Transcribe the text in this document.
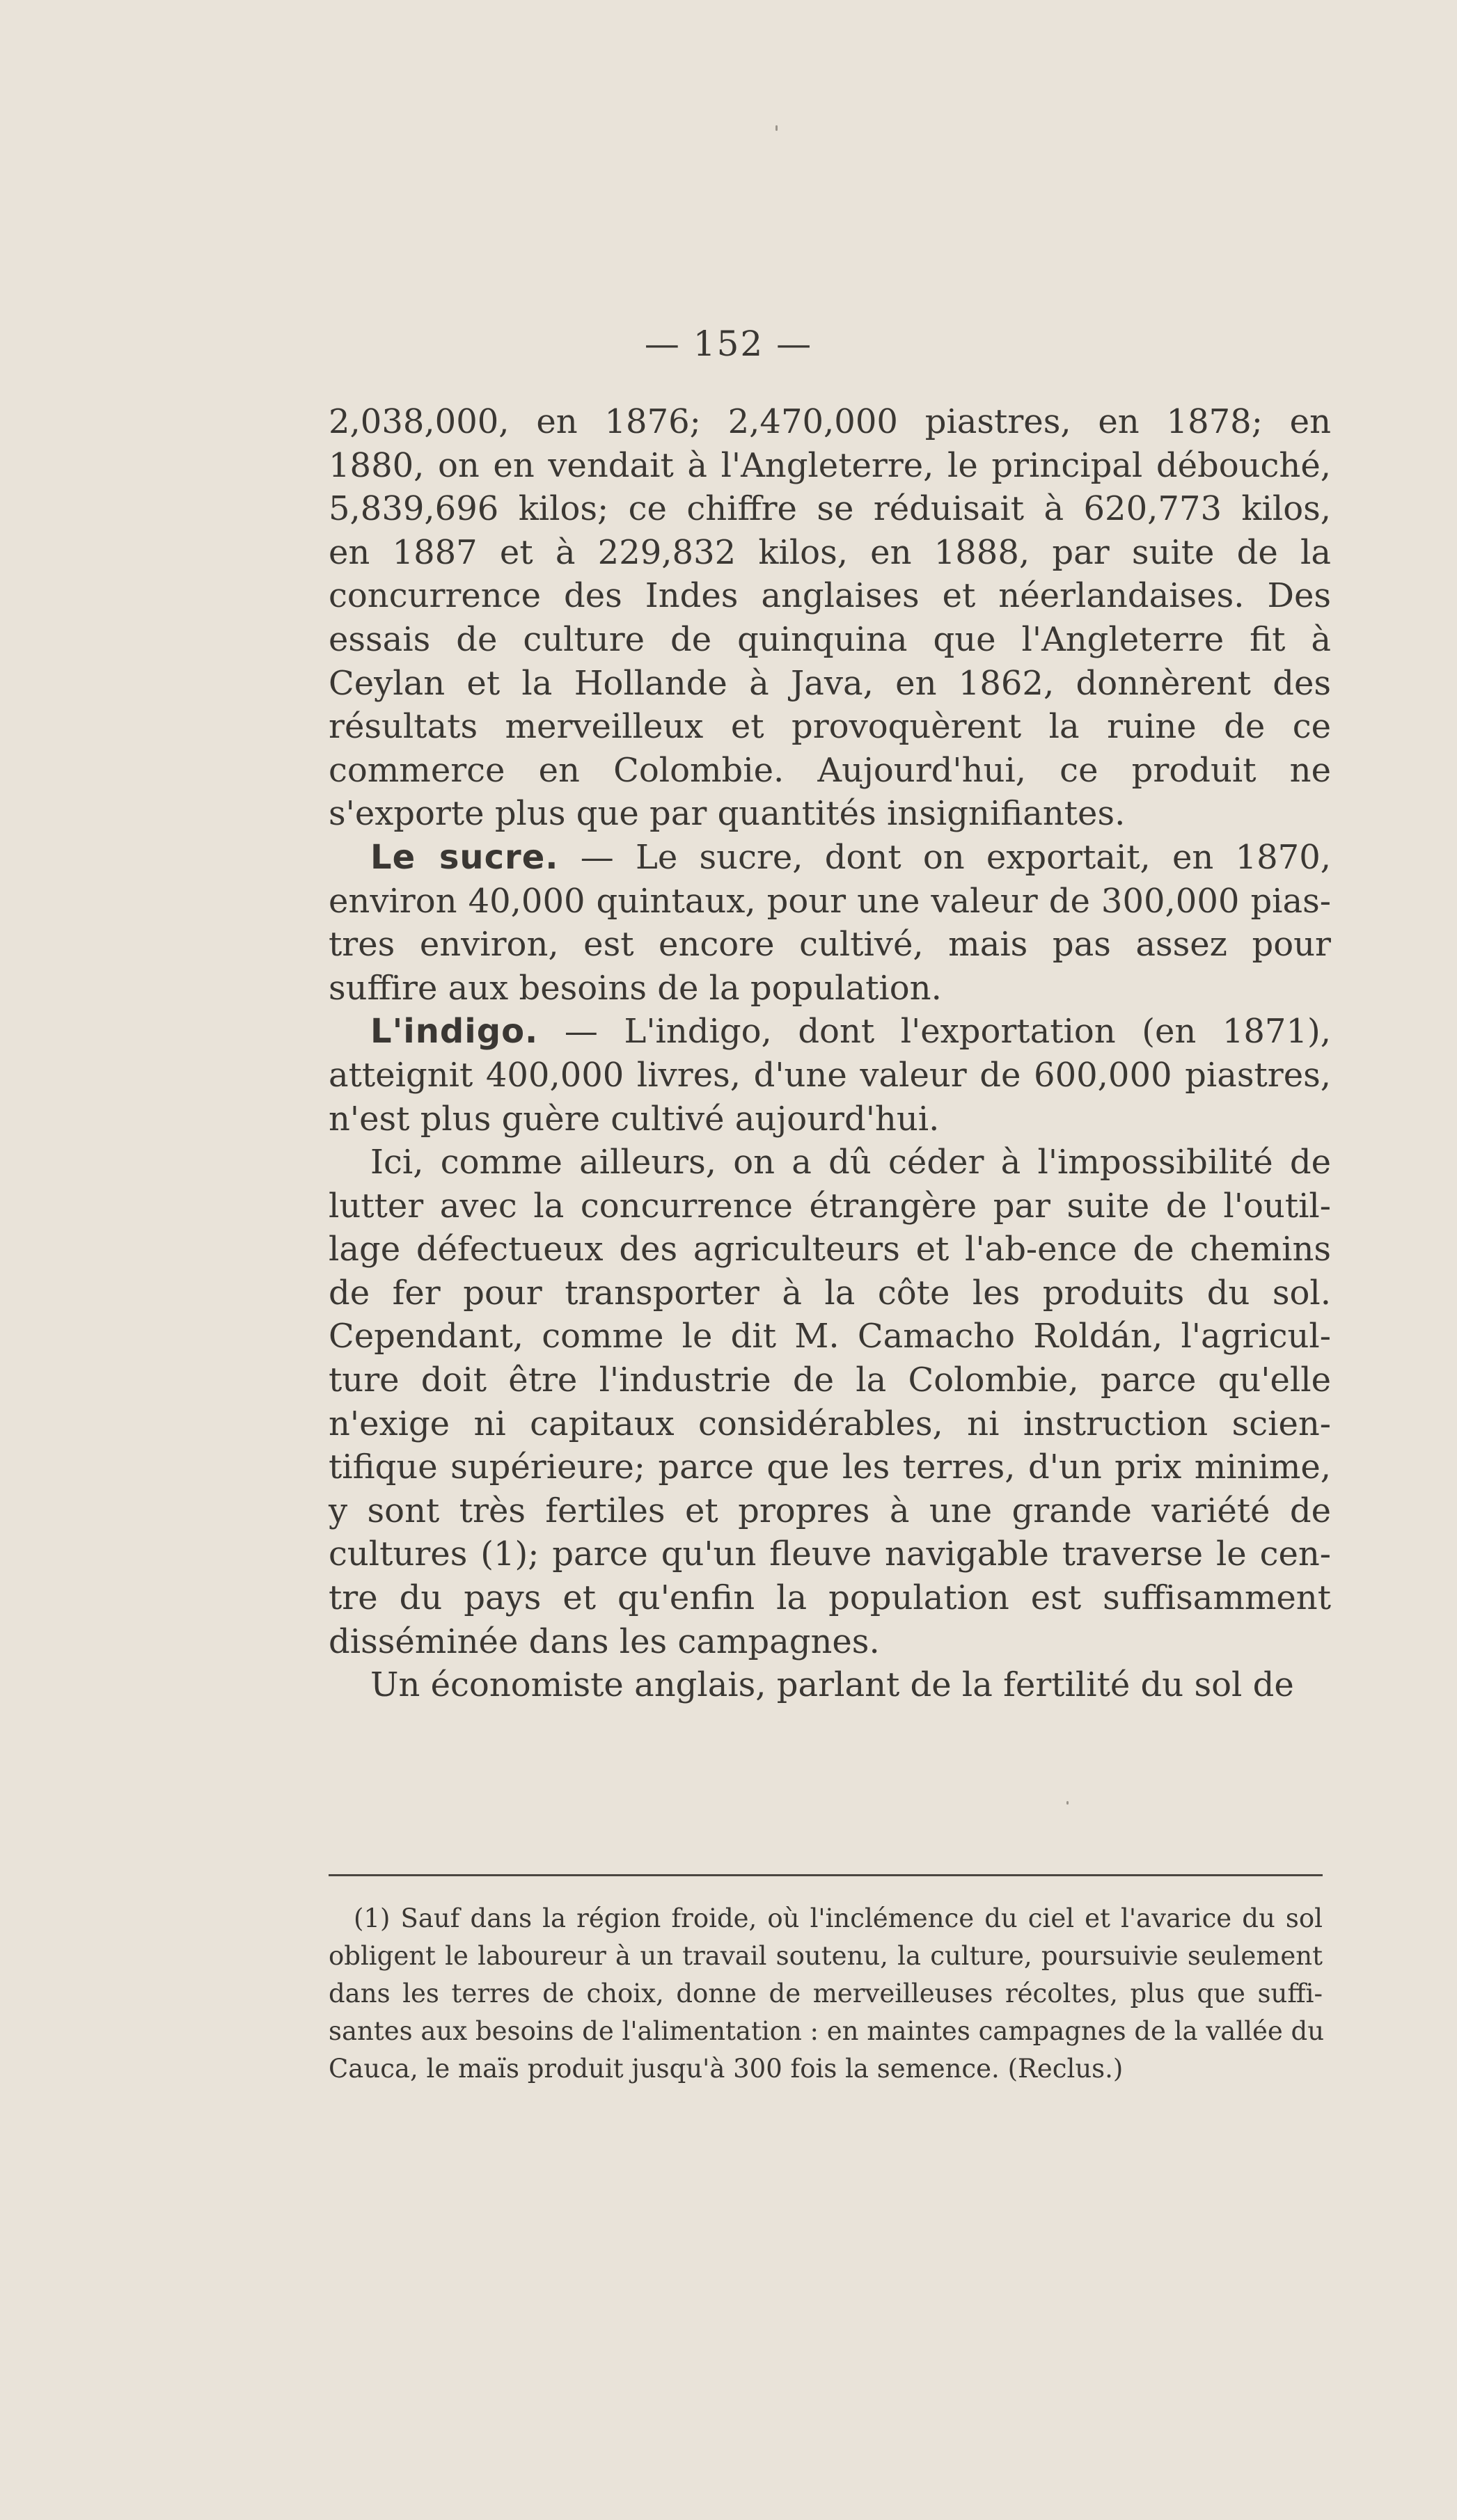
— 152 —
2,038,000, en 1876; 2,470,000 piastres, en 1878; en
1880, on en vendait à l'Angleterre, le principal débouché,
5,839,696 kilos; ce chiffre se réduisait à 620,773 kilos,
en 1887 et à 229,832 kilos, en 1888, par suite de la
concurrence des Indes anglaises et néerlandaises. Des
essais de culture de quinquina que l'Angleterre fit à
Ceylan et la Hollande à Java, en 1862, donnèrent des
résultats merveilleux et provoquèrent la ruine de ce
commerce en Colombie. Aujourd'hui, ce produit ne
s'exporte plus que par quantités insignifiantes.
Le sucre. — Le sucre, dont on exportait, en 1870,
environ 40,000 quintaux, pour une valeur de 300,000 pias-
tres environ, est encore cultivé, mais pas assez pour
suffire aux besoins de la population.
L'indigo. — L'indigo, dont l'exportation (en 1871),
atteignit 400,000 livres, d'une valeur de 600,000 piastres,
n'est plus guère cultivé aujourd'hui.
Ici, comme ailleurs, on a dû céder à l'impossibilité de
lutter avec la concurrence étrangère par suite de l'outil-
lage défectueux des agriculteurs et l'ab-ence de chemins
de fer pour transporter à la côte les produits du sol.
Cependant, comme le dit M. Camacho Roldán, l'agricul-
ture doit être l'industrie de la Colombie, parce qu'elle
n'exige ni capitaux considérables, ni instruction scien-
tifique supérieure; parce que les terres, d'un prix minime,
y sont très fertiles et propres à une grande variété de
cultures (1); parce qu'un fleuve navigable traverse le cen-
tre du pays et qu'enfin la population est suffisamment
disséminée dans les campagnes.
Un économiste anglais, parlant de la fertilité du sol de
(1) Sauf dans la région froide, où l'inclémence du ciel et l'avarice du sol
obligent le laboureur à un travail soutenu, la culture, poursuivie seulement
dans les terres de choix, donne de merveilleuses récoltes, plus que suffi-
santes aux besoins de l'alimentation : en maintes campagnes de la vallée du
Cauca, le maïs produit jusqu'à 300 fois la semence. (Reclus.)
